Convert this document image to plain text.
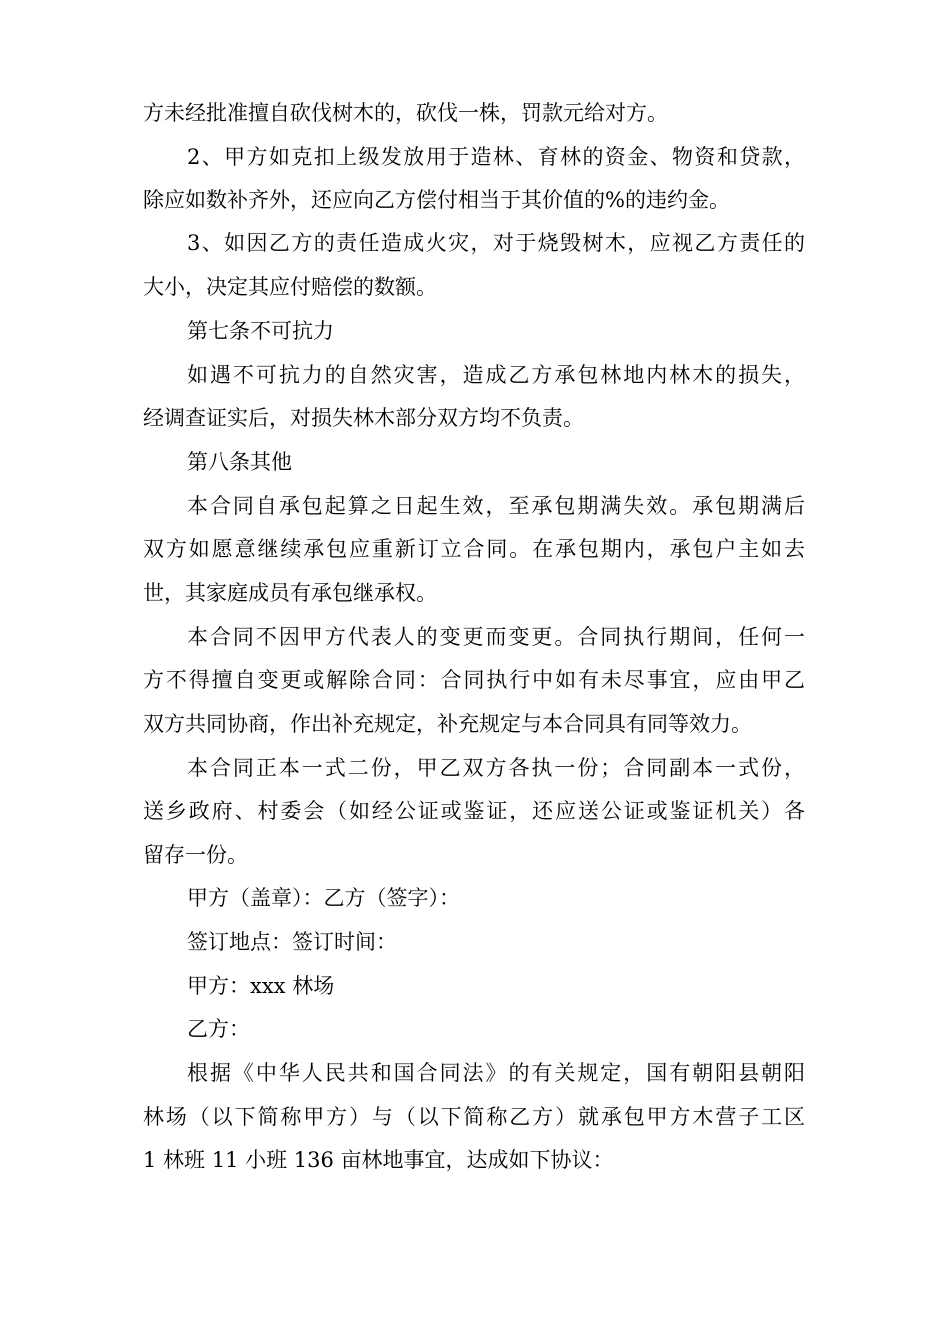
方未经批准擅自砍伐树木的，砍伐一株，罚款元给对方。
2、甲方如克扣上级发放用于造林、育林的资金、物资和贷款，
除应如数补齐外，还应向乙方偿付相当于其价值的%的违约金。
3、如因乙方的责任造成火灾，对于烧毁树木，应视乙方责任的
大小，决定其应付赔偿的数额。
第七条不可抗力
如遇不可抗力的自然灾害，造成乙方承包林地内林木的损失，
经调查证实后，对损失林木部分双方均不负责。
第八条其他
本合同自承包起算之日起生效，至承包期满失效。承包期满后
双方如愿意继续承包应重新订立合同。在承包期内，承包户主如去
世，其家庭成员有承包继承权。
本合同不因甲方代表人的变更而变更。合同执行期间，任何一
方不得擅自变更或解除合同：合同执行中如有未尽事宜，应由甲乙
双方共同协商，作出补充规定，补充规定与本合同具有同等效力。
本合同正本一式二份，甲乙双方各执一份；合同副本一式份，
送乡政府、村委会（如经公证或鉴证，还应送公证或鉴证机关）各
留存一份。
甲方（盖章）：乙方（签字）：
签订地点：签订时间：
甲方：xxx 林场
乙方：
根据《中华人民共和国合同法》的有关规定，国有朝阳县朝阳
林场（以下简称甲方）与（以下简称乙方）就承包甲方木营子工区
1 林班 11 小班 136 亩林地事宜，达成如下协议：
